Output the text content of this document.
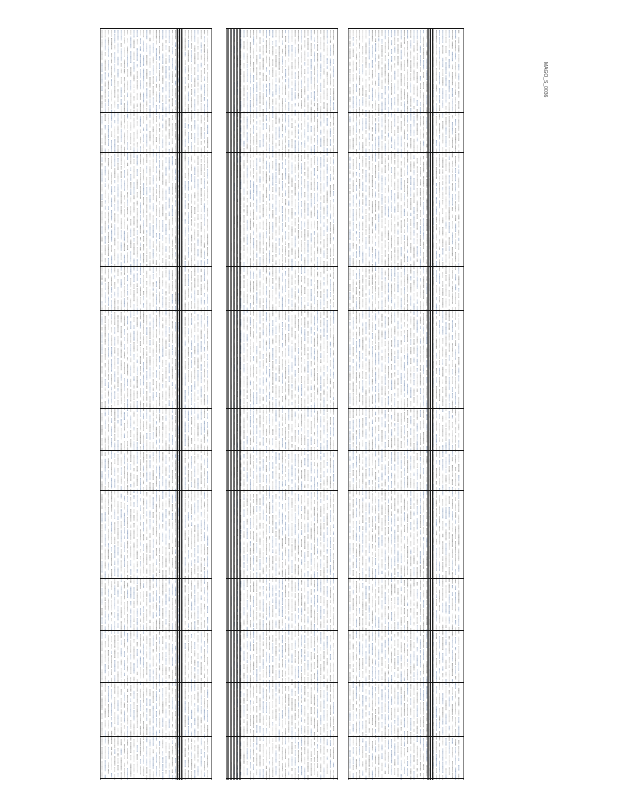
MAGO_S_0036
